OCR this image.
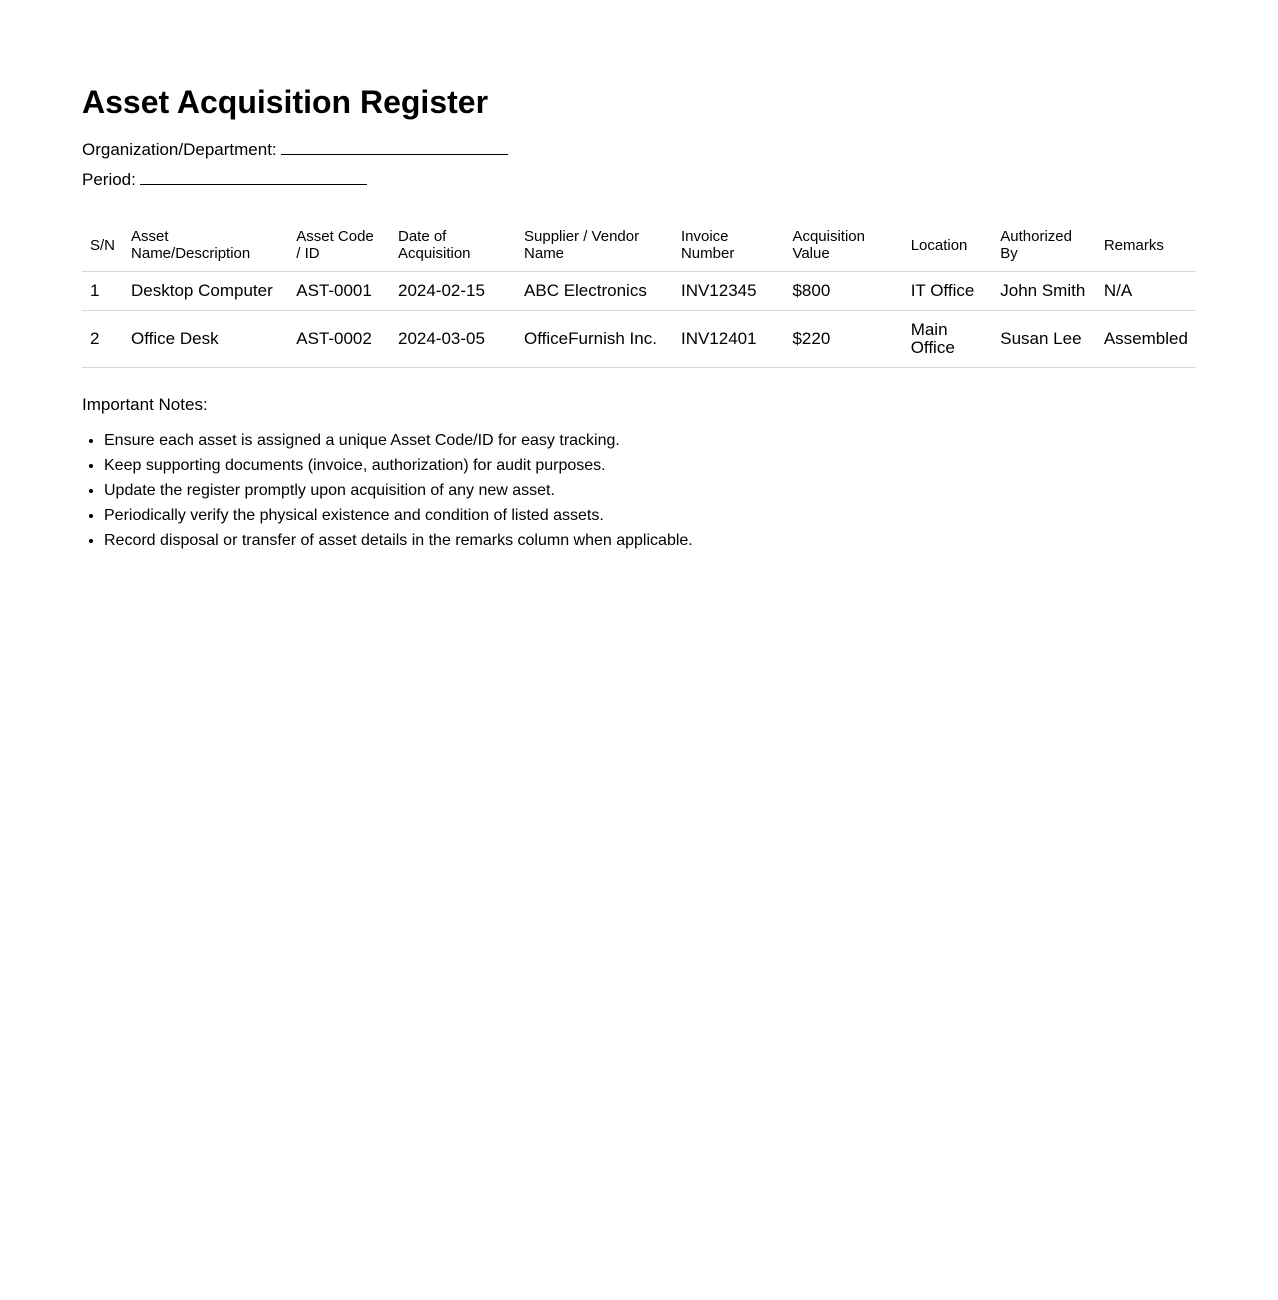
Asset Acquisition Register
Organization/Department:
Period:
S/N	Asset Name/Description	Asset Code / ID	Date of Acquisition	Supplier / Vendor Name	Invoice Number	Acquisition Value	Location	Authorized By	Remarks
1	Desktop Computer	AST-0001	2024-02-15	ABC Electronics	INV12345	$800	IT Office	John Smith	N/A
2	Office Desk	AST-0002	2024-03-05	OfficeFurnish Inc.	INV12401	$220	Main Office	Susan Lee	Assembled
Important Notes:
• Ensure each asset is assigned a unique Asset Code/ID for easy tracking.
• Keep supporting documents (invoice, authorization) for audit purposes.
• Update the register promptly upon acquisition of any new asset.
• Periodically verify the physical existence and condition of listed assets.
• Record disposal or transfer of asset details in the remarks column when applicable.
